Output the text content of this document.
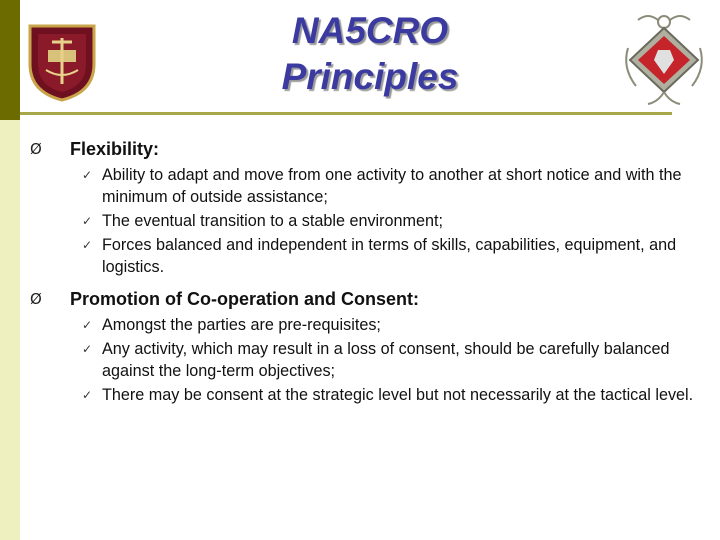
NA5CRO
Principles
Ø	Flexibility:
✓ Ability to adapt and move from one activity to another at short notice and with the minimum of outside assistance;
✓ The eventual transition to a stable environment;
✓ Forces balanced and independent in terms of skills, capabilities, equipment, and logistics.
Ø	Promotion of Co-operation and Consent:
✓ Amongst the parties are pre-requisites;
✓ Any activity, which may result in a loss of consent, should be carefully balanced against the long-term objectives;
✓ There may be consent at the strategic level but not necessarily at the tactical level.
